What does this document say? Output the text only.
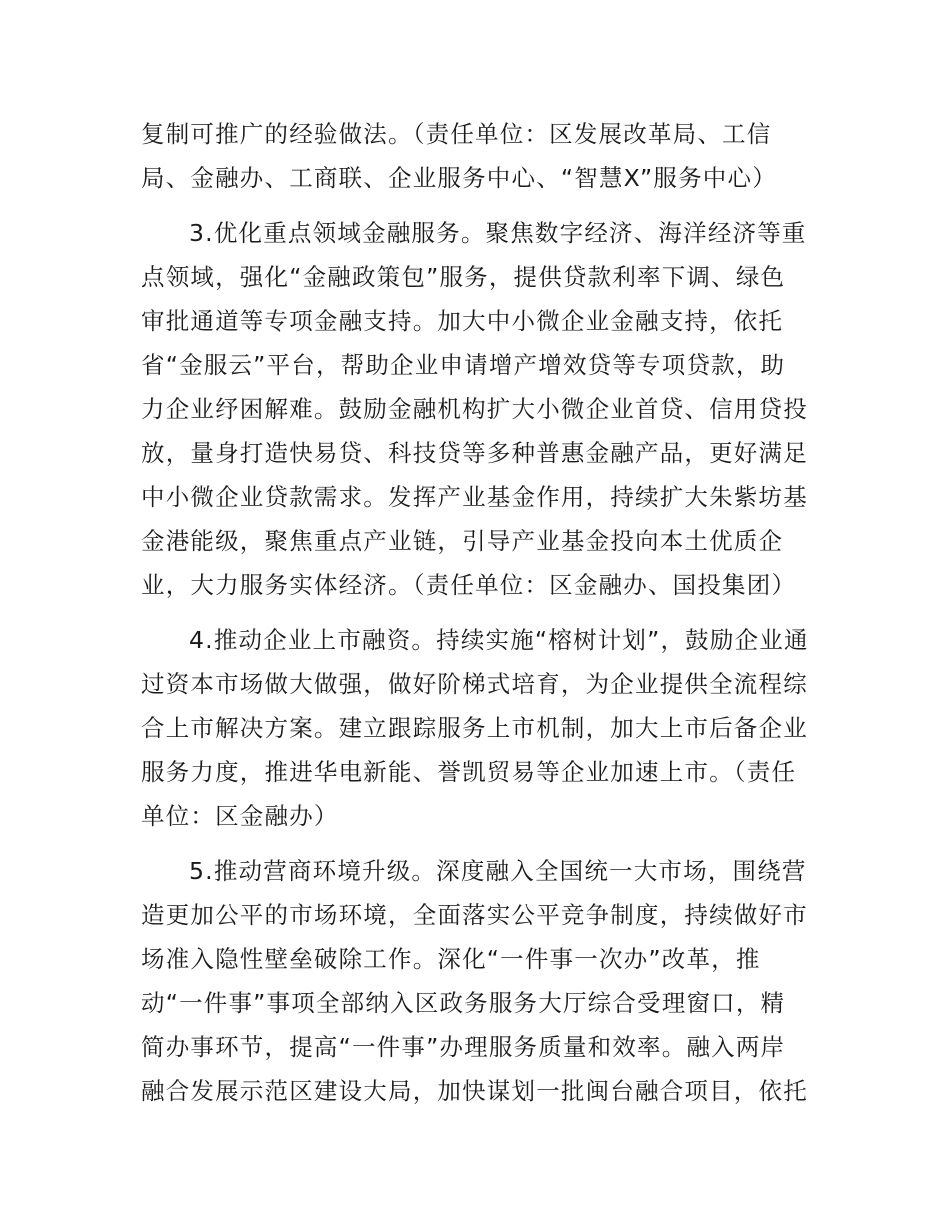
复制可推广的经验做法。（责任单位：区发展改革局、工信
局、金融办、工商联、企业服务中心、“智慧X”服务中心）
3.优化重点领域金融服务。聚焦数字经济、海洋经济等重
点领域，强化“金融政策包”服务，提供贷款利率下调、绿色
审批通道等专项金融支持。加大中小微企业金融支持，依托
省“金服云”平台，帮助企业申请增产增效贷等专项贷款，助
力企业纾困解难。鼓励金融机构扩大小微企业首贷、信用贷投
放，量身打造快易贷、科技贷等多种普惠金融产品，更好满足
中小微企业贷款需求。发挥产业基金作用，持续扩大朱紫坊基
金港能级，聚焦重点产业链，引导产业基金投向本土优质企
业，大力服务实体经济。（责任单位：区金融办、国投集团）
4.推动企业上市融资。持续实施“榕树计划”，鼓励企业通
过资本市场做大做强，做好阶梯式培育，为企业提供全流程综
合上市解决方案。建立跟踪服务上市机制，加大上市后备企业
服务力度，推进华电新能、誉凯贸易等企业加速上市。（责任
单位：区金融办）
5.推动营商环境升级。深度融入全国统一大市场，围绕营
造更加公平的市场环境，全面落实公平竞争制度，持续做好市
场准入隐性壁垒破除工作。深化“一件事一次办”改革，推
动“一件事”事项全部纳入区政务服务大厅综合受理窗口，精
简办事环节，提高“一件事”办理服务质量和效率。融入两岸
融合发展示范区建设大局，加快谋划一批闽台融合项目，依托
